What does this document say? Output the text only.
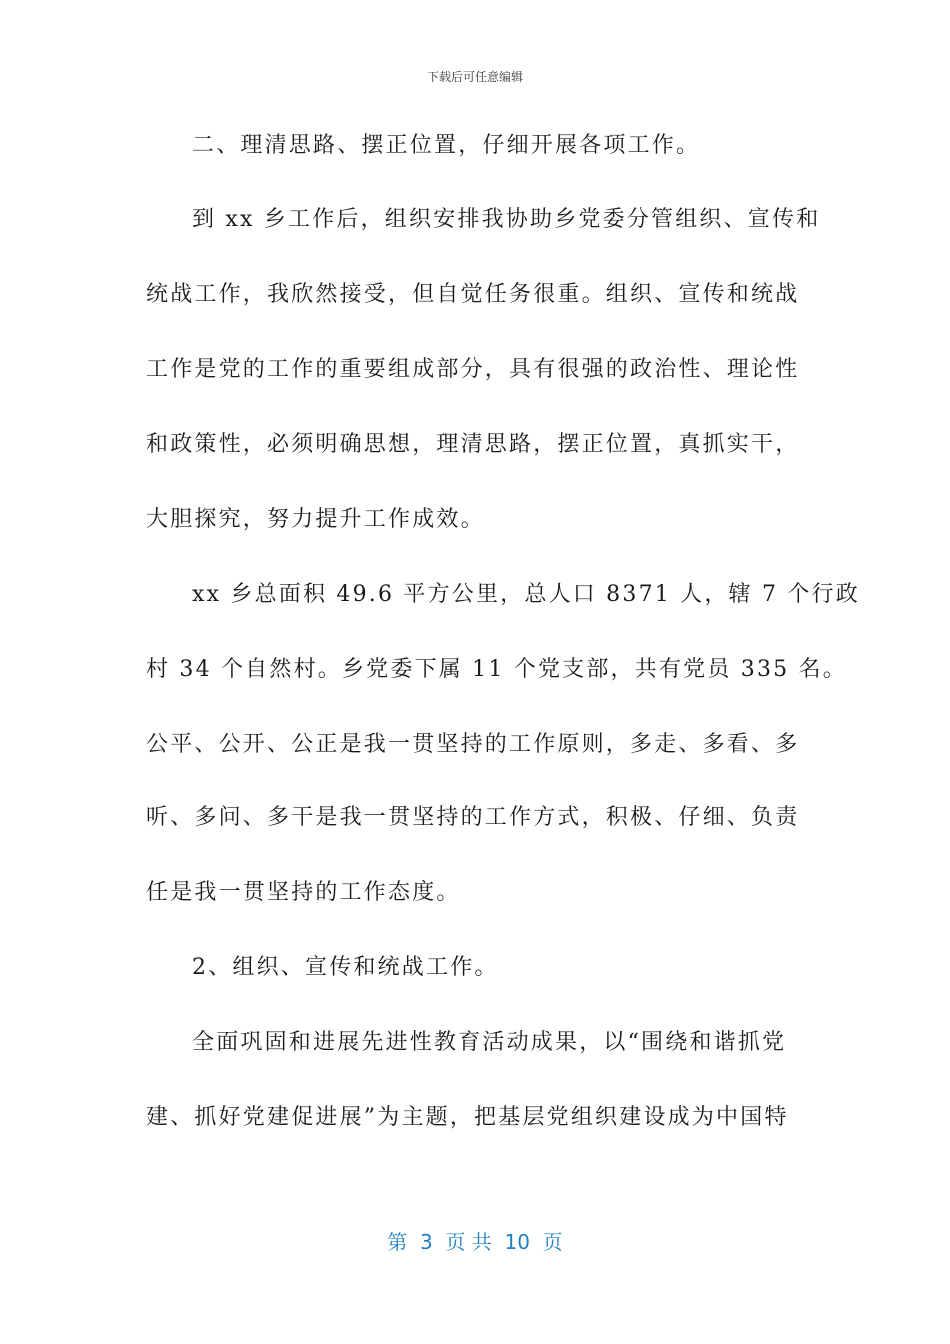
下载后可任意编辑
二、理清思路、摆正位置，仔细开展各项工作。
到 xx 乡工作后，组织安排我协助乡党委分管组织、宣传和
统战工作，我欣然接受，但自觉任务很重。组织、宣传和统战
工作是党的工作的重要组成部分，具有很强的政治性、理论性
和政策性，必须明确思想，理清思路，摆正位置，真抓实干，
大胆探究，努力提升工作成效。
xx 乡总面积 49.6 平方公里，总人口 8371 人，辖 7 个行政
村 34 个自然村。乡党委下属 11 个党支部，共有党员 335 名。
公平、公开、公正是我一贯坚持的工作原则，多走、多看、多
听、多问、多干是我一贯坚持的工作方式，积极、仔细、负责
任是我一贯坚持的工作态度。
2、组织、宣传和统战工作。
全面巩固和进展先进性教育活动成果，以“围绕和谐抓党
建、抓好党建促进展”为主题，把基层党组织建设成为中国特
第  3  页 共  10  页
